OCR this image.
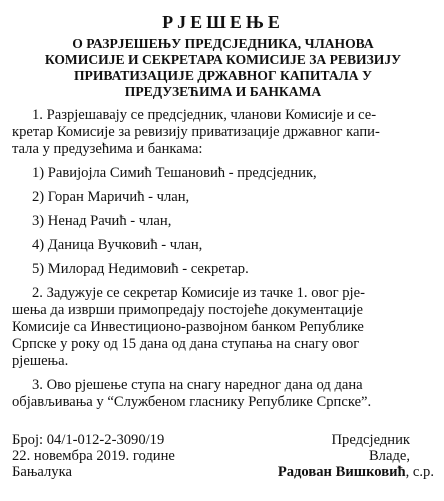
РЈЕШЕЊЕ
О РАЗРЈЕШЕЊУ ПРЕДСЈЕДНИКА, ЧЛАНОВА
КОМИСИЈЕ И СЕКРЕТАРА КОМИСИЈЕ ЗА РЕВИЗИЈУ
ПРИВАТИЗАЦИЈЕ ДРЖАВНОГ КАПИТАЛА У
ПРЕДУЗЕЋИМА И БАНКАМА
1. Разрјешавају се предсједник, чланови Комисије и се-
кретар Комисије за ревизију приватизације државног капи-
тала у предузећима и банкама:
1) Равијојла Симић Тешановић - предсједник,
2) Горан Маричић - члан,
3) Ненад Рачић - члан,
4) Даница Вучковић - члан,
5) Милорад Недимовић - секретар.
2. Задужује се секретар Комисије из тачке 1. овог рје-
шења да изврши примопредају постојеће документације
Комисије са Инвестиционо-развојном банком Републике
Српске у року од 15 дана од дана ступања на снагу овог
рјешења.
3. Ово рјешење ступа на снагу наредног дана од дана
објављивања у “Службеном гласнику Републике Српске”.
Број: 04/1-012-2-3090/19	Предсједник
22. новембра 2019. године	Владе,
Бањалука	Радован Вишковић, с.р.
